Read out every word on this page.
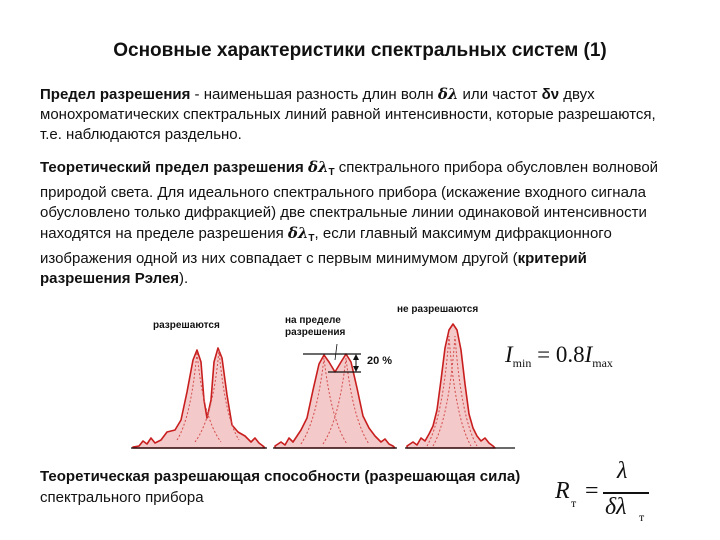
Основные характеристики спектральных систем (1)
Предел разрешения - наименьшая разность длин волн δλ или частот δν двух монохроматических спектральных линий равной интенсивности, которые разрешаются, т.е. наблюдаются раздельно.
Теоретический предел разрешения $\delta\lambda_T$ спектрального прибора обусловлен волновой природой света. Для идеального спектрального прибора (искажение входного сигнала обусловлено только дифракцией) две спектральные линии одинаковой интенсивности находятся на пределе разрешения $\delta\lambda_T$, если главный максимум дифракционного изображения одной из них совпадает с первым минимумом другой (критерий разрешения Рэлея).
разрешаются	на пределе разрешения
не разрешаются
20 %	$I_{min} = 0.8I_{max}$
Теоретическая разрешающая способности (разрешающая сила)
спектрального прибора	R т =
λ
δλ т
